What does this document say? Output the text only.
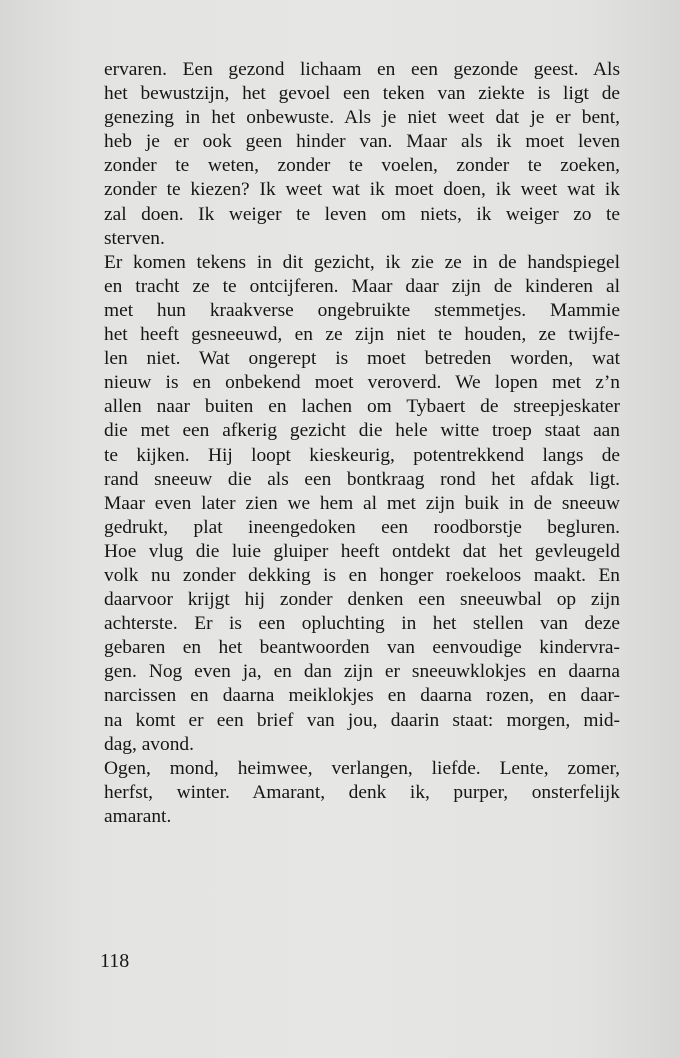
ervaren. Een gezond lichaam en een gezonde geest. Als
het bewustzijn, het gevoel een teken van ziekte is ligt de
genezing in het onbewuste. Als je niet weet dat je er bent,
heb je er ook geen hinder van. Maar als ik moet leven
zonder te weten, zonder te voelen, zonder te zoeken,
zonder te kiezen? Ik weet wat ik moet doen, ik weet wat ik
zal doen. Ik weiger te leven om niets, ik weiger zo te
sterven.

Er komen tekens in dit gezicht, ik zie ze in de handspiegel
en tracht ze te ontcijferen. Maar daar zijn de kinderen al
met hun kraakverse ongebruikte stemmetjes. Mammie
het heeft gesneeuwd, en ze zijn niet te houden, ze twijfe-
len niet. Wat ongerept is moet betreden worden, wat
nieuw is en onbekend moet veroverd. We lopen met z’n
allen naar buiten en lachen om Tybaert de streepjeskater
die met een afkerig gezicht die hele witte troep staat aan
te kijken. Hij loopt kieskeurig, potentrekkend langs de
rand sneeuw die als een bontkraag rond het afdak ligt.
Maar even later zien we hem al met zijn buik in de sneeuw
gedrukt, plat ineengedoken een roodborstje begluren.
Hoe vlug die luie gluiper heeft ontdekt dat het gevleugeld
volk nu zonder dekking is en honger roekeloos maakt. En
daarvoor krijgt hij zonder denken een sneeuwbal op zijn
achterste. Er is een opluchting in het stellen van deze
gebaren en het beantwoorden van eenvoudige kindervra-
gen. Nog even ja, en dan zijn er sneeuwklokjes en daarna
narcissen en daarna meiklokjes en daarna rozen, en daar-
na komt er een brief van jou, daarin staat: morgen, mid-
dag, avond.

Ogen, mond, heimwee, verlangen, liefde. Lente, zomer,
herfst, winter. Amarant, denk ik, purper, onsterfelijk
amarant.

118
